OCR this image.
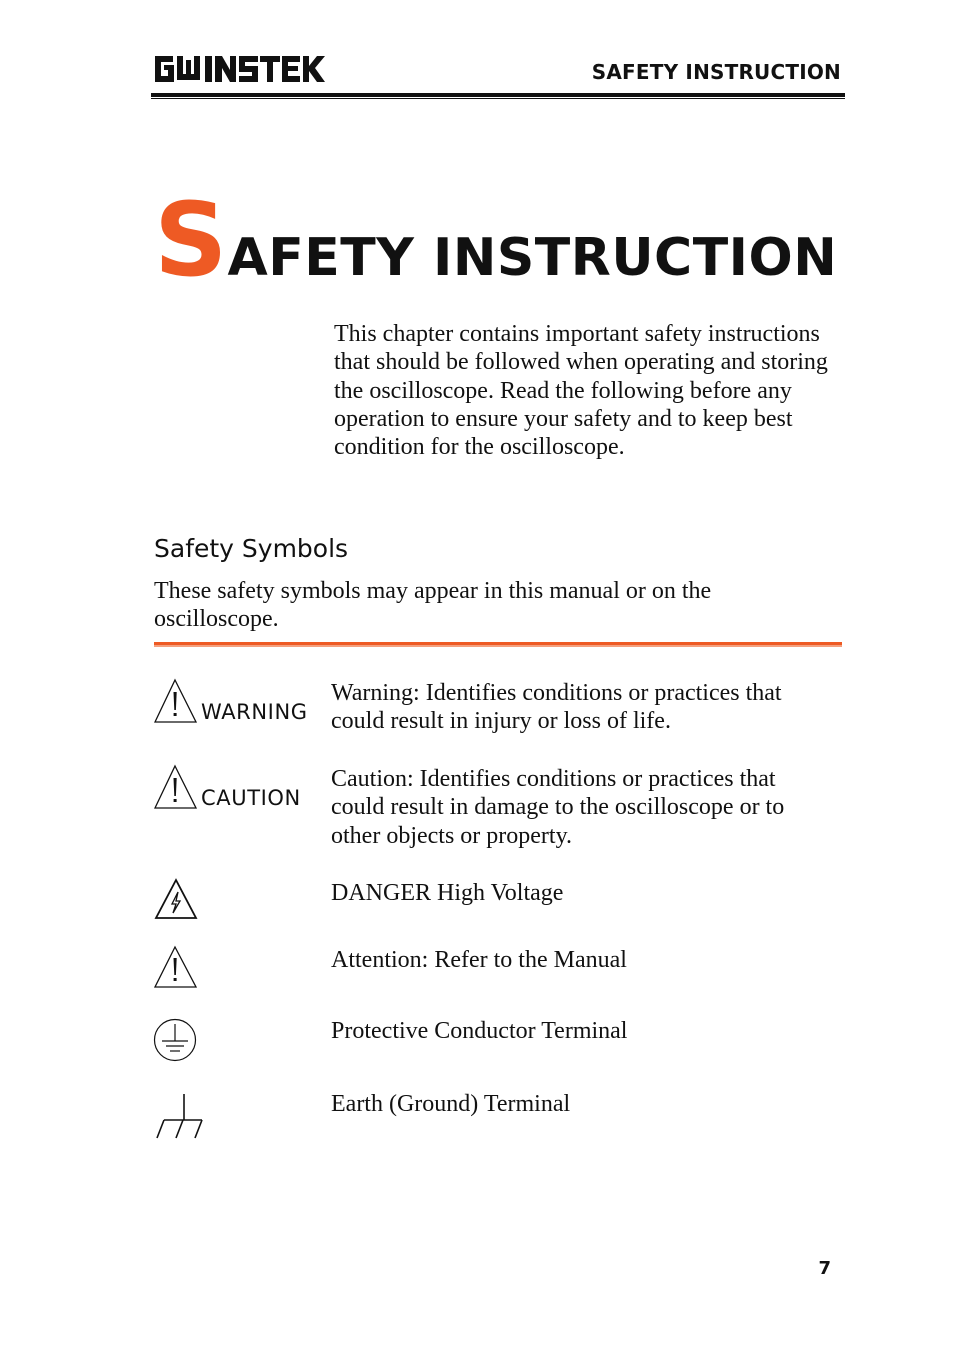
SAFETY INSTRUCTION
SAFETY INSTRUCTION

This chapter contains important safety instructions that should be followed when operating and storing the oscilloscope. Read the following before any operation to ensure your safety and to keep best condition for the oscilloscope.

Safety Symbols

These safety symbols may appear in this manual or on the oscilloscope.

WARNING

Warning: Identifies conditions or practices that could result in injury or loss of life.

CAUTION

Caution: Identifies conditions or practices that could result in damage to the oscilloscope or to other objects or property.

DANGER High Voltage

Attention: Refer to the Manual

Protective Conductor Terminal

Earth (Ground) Terminal

7
